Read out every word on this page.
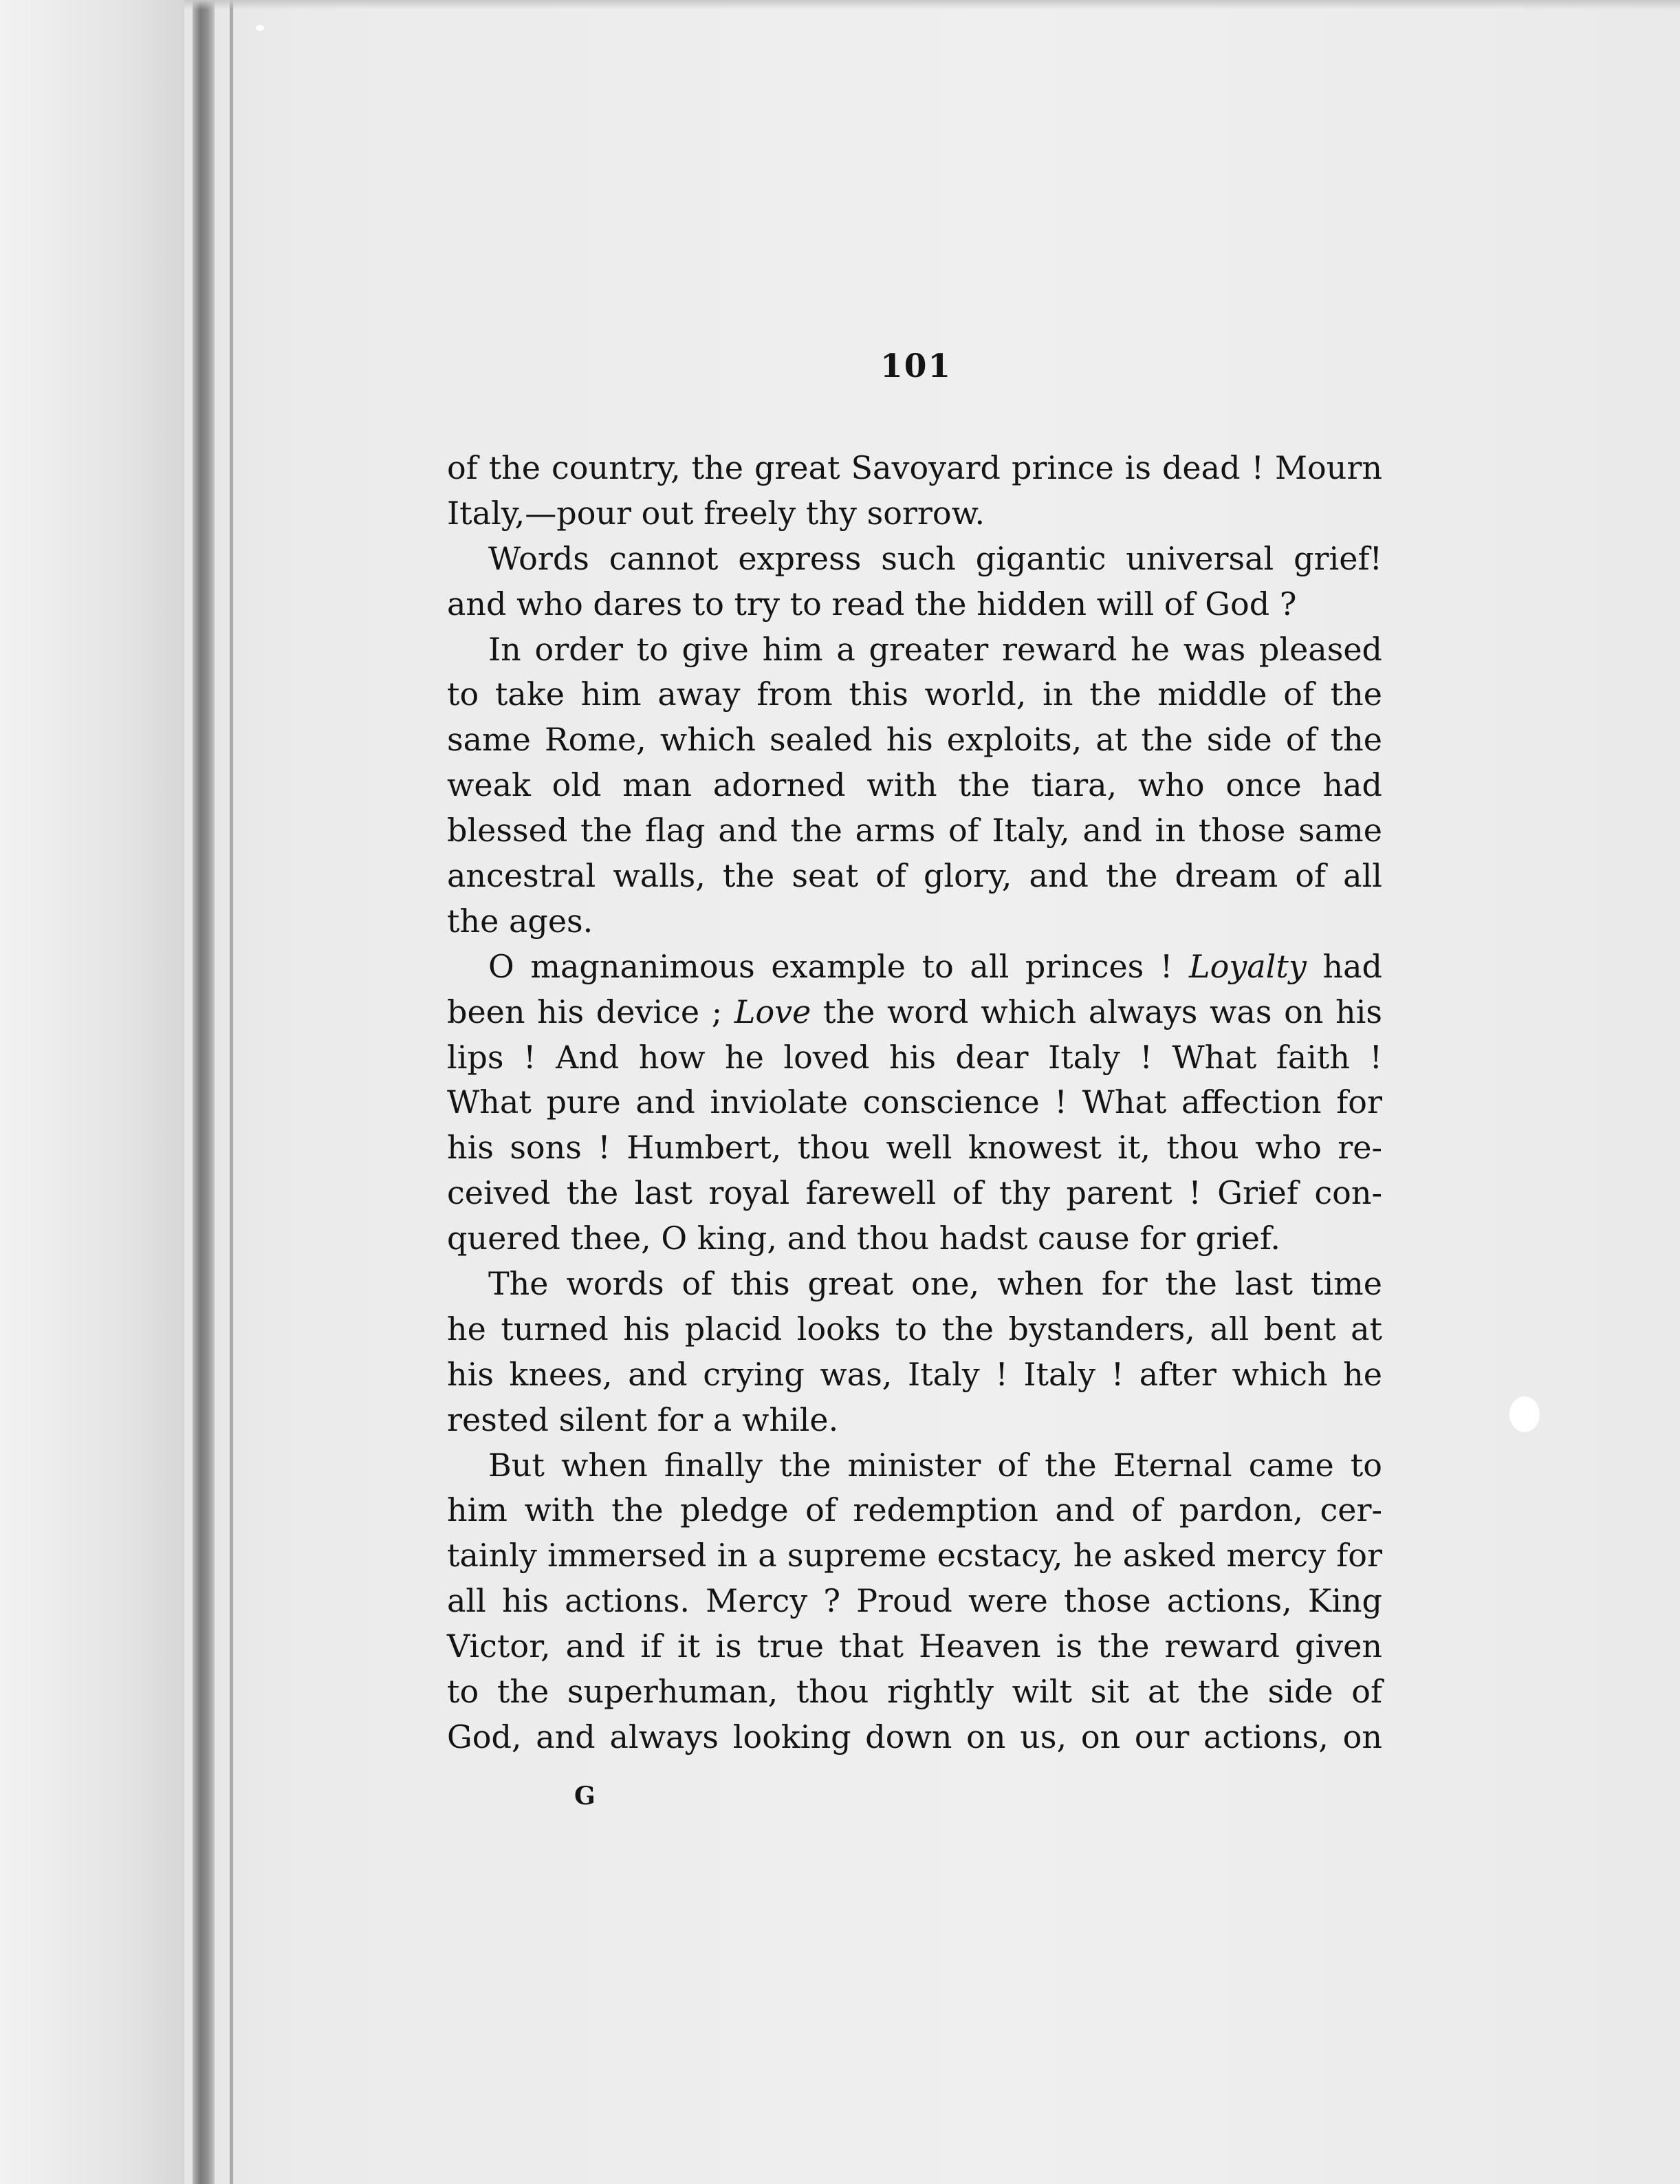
101
of the country, the great Savoyard prince is dead ! Mourn
Italy,—pour out freely thy sorrow.
Words cannot express such gigantic universal grief!
and who dares to try to read the hidden will of God ?
In order to give him a greater reward he was pleased
to take him away from this world, in the middle of the
same Rome, which sealed his exploits, at the side of the
weak old man adorned with the tiara, who once had
blessed the flag and the arms of Italy, and in those same
ancestral walls, the seat of glory, and the dream of all
the ages.
O magnanimous example to all princes ! Loyalty had
been his device ; Love the word which always was on his
lips ! And how he loved his dear Italy ! What faith !
What pure and inviolate conscience ! What affection for
his sons ! Humbert, thou well knowest it, thou who re-
ceived the last royal farewell of thy parent ! Grief con-
quered thee, O king, and thou hadst cause for grief.
The words of this great one, when for the last time
he turned his placid looks to the bystanders, all bent at
his knees, and crying was, Italy ! Italy ! after which he
rested silent for a while.
But when finally the minister of the Eternal came to
him with the pledge of redemption and of pardon, cer-
tainly immersed in a supreme ecstacy, he asked mercy for
all his actions. Mercy ? Proud were those actions, King
Victor, and if it is true that Heaven is the reward given
to the superhuman, thou rightly wilt sit at the side of
God, and always looking down on us, on our actions, on
G
